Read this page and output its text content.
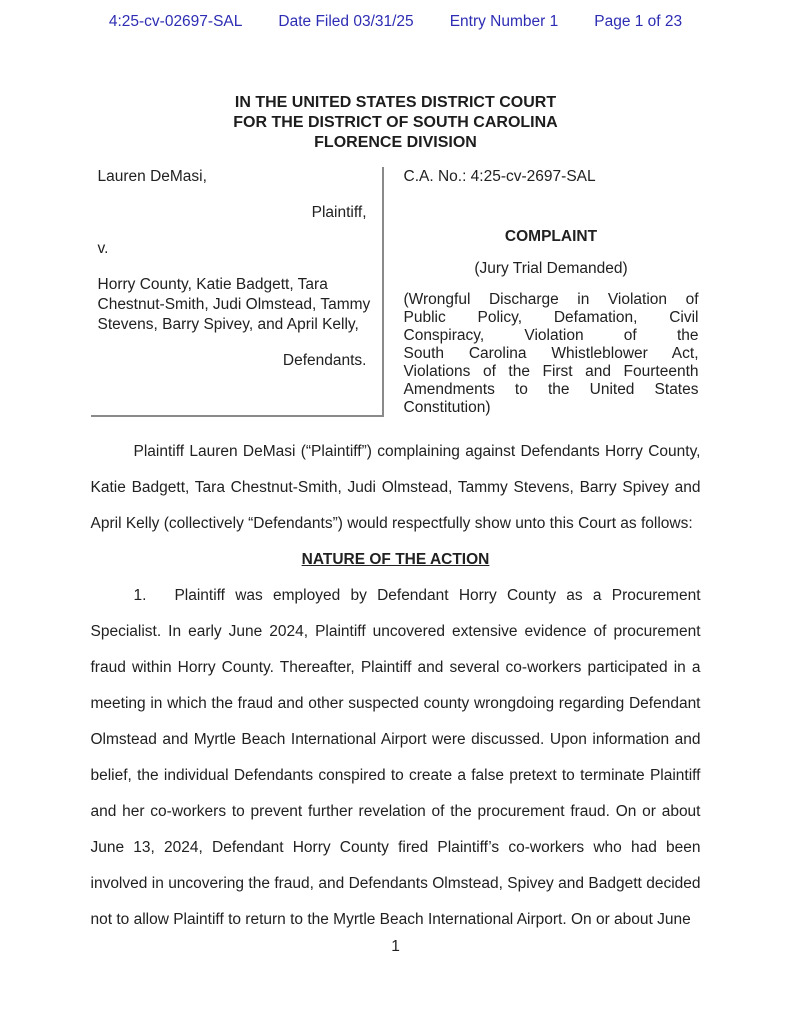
4:25-cv-02697-SAL Date Filed 03/31/25 Entry Number 1 Page 1 of 23
IN THE UNITED STATES DISTRICT COURT
FOR THE DISTRICT OF SOUTH CAROLINA
FLORENCE DIVISION
Lauren DeMasi,
Plaintiff,
v.
Horry County, Katie Badgett, Tara Chestnut-Smith, Judi Olmstead, Tammy Stevens, Barry Spivey, and April Kelly,
Defendants.
C.A. No.: 4:25-cv-2697-SAL
COMPLAINT
(Jury Trial Demanded)
(Wrongful Discharge in Violation of
Public Policy, Defamation, Civil
Conspiracy, Violation of the
South Carolina Whistleblower Act,
Violations of the First and Fourteenth
Amendments to the United States
Constitution)

Plaintiff Lauren DeMasi (“Plaintiff”) complaining against Defendants Horry County, Katie Badgett, Tara Chestnut-Smith, Judi Olmstead, Tammy Stevens, Barry Spivey and April Kelly (collectively “Defendants”) would respectfully show unto this Court as follows:

NATURE OF THE ACTION

1. Plaintiff was employed by Defendant Horry County as a Procurement Specialist. In early June 2024, Plaintiff uncovered extensive evidence of procurement fraud within Horry County. Thereafter, Plaintiff and several co-workers participated in a meeting in which the fraud and other suspected county wrongdoing regarding Defendant Olmstead and Myrtle Beach International Airport were discussed. Upon information and belief, the individual Defendants conspired to create a false pretext to terminate Plaintiff and her co-workers to prevent further revelation of the procurement fraud. On or about June 13, 2024, Defendant Horry County fired Plaintiff’s co-workers who had been involved in uncovering the fraud, and Defendants Olmstead, Spivey and Badgett decided not to allow Plaintiff to return to the Myrtle Beach International Airport. On or about June

1
